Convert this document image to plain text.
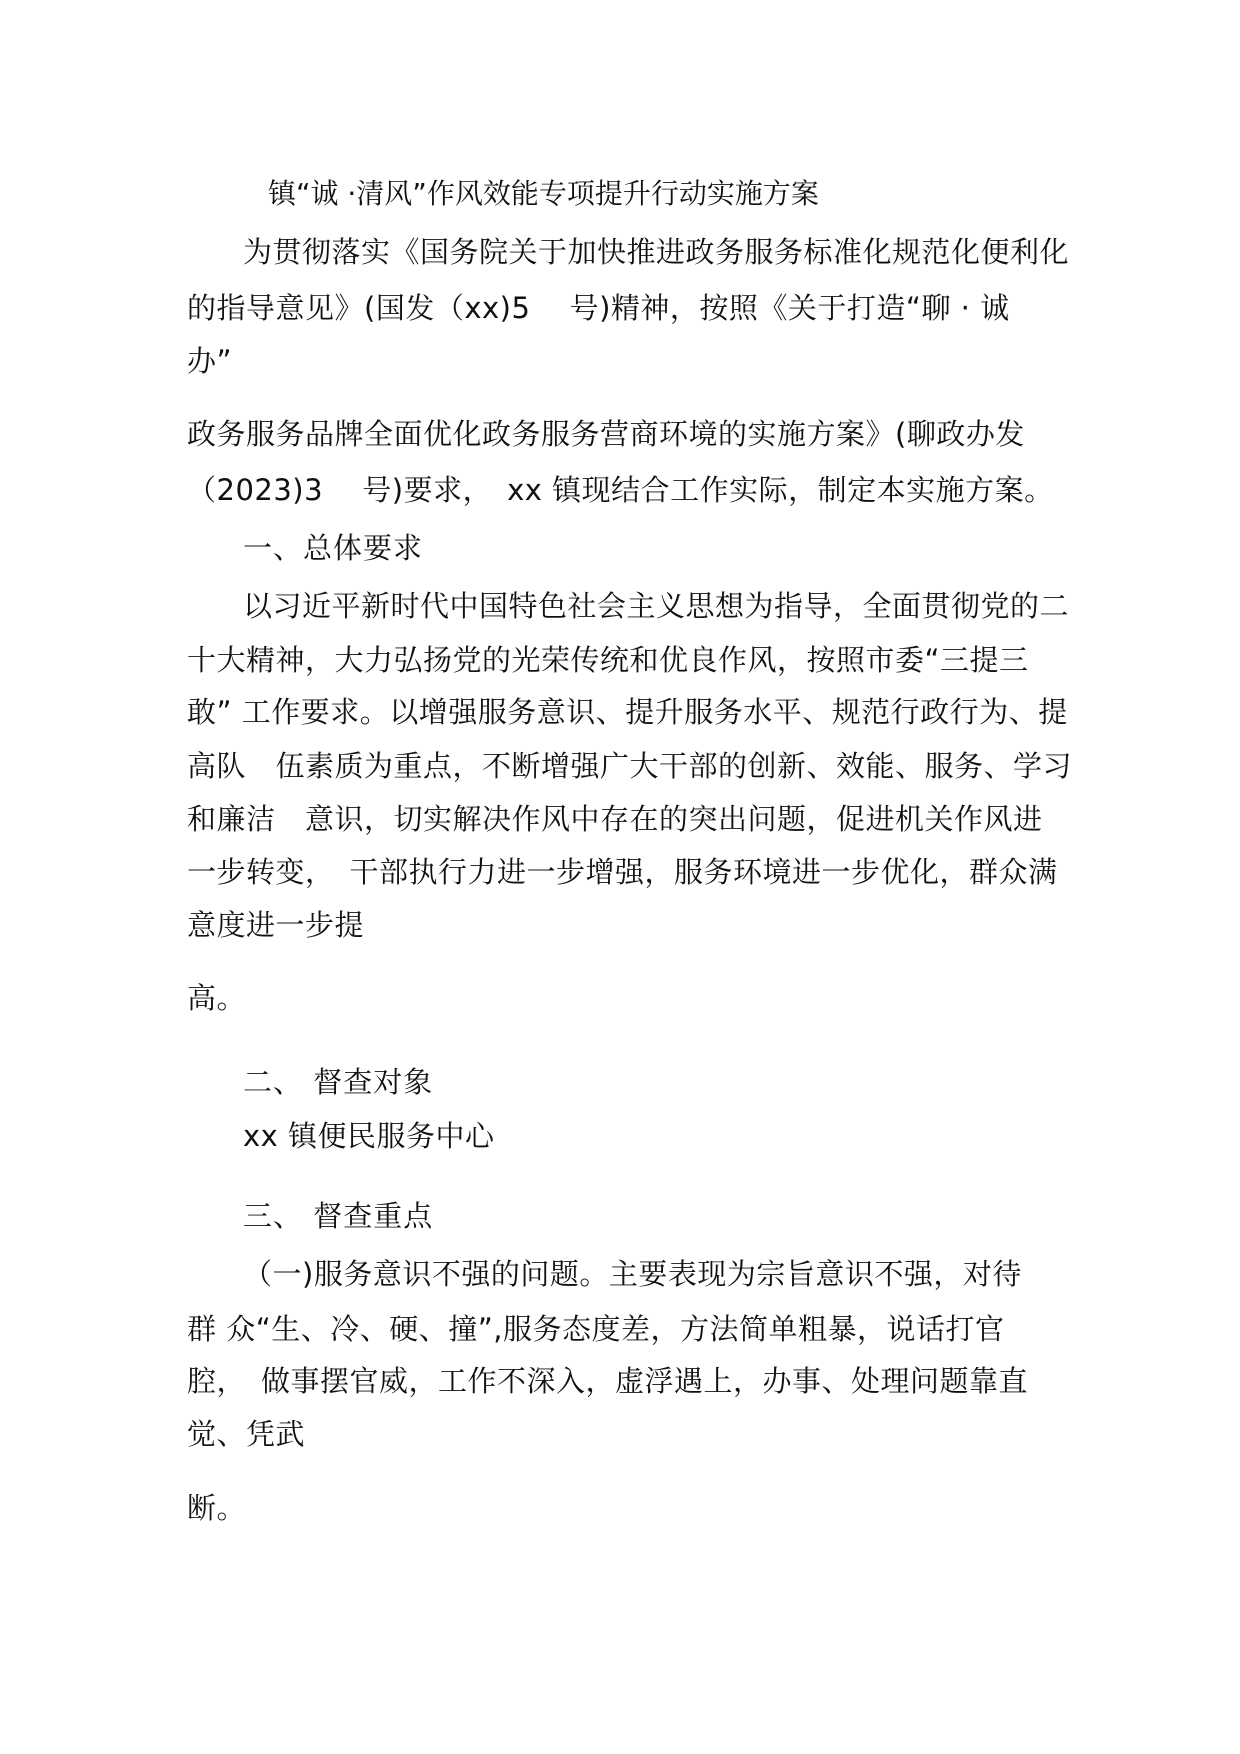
镇“诚 ·清风”作风效能专项提升行动实施方案
为贯彻落实《国务院关于加快推进政务服务标准化规范化便利化
的指导意见》(国发（xx)5　 号)精神，按照《关于打造“聊 · 诚
办”
政务服务品牌全面优化政务服务营商环境的实施方案》(聊政办发
（2023)3　 号)要求，　xx 镇现结合工作实际，制定本实施方案。
一、总体要求
以习近平新时代中国特色社会主义思想为指导，全面贯彻党的二
十大精神，大力弘扬党的光荣传统和优良作风，按照市委“三提三
敢” 工作要求。以增强服务意识、提升服务水平、规范行政行为、提
高队　伍素质为重点，不断增强广大干部的创新、效能、服务、学习
和廉洁　意识，切实解决作风中存在的突出问题，促进机关作风进
一步转变，　干部执行力进一步增强，服务环境进一步优化，群众满
意度进一步提
高。
二、 督查对象
xx 镇便民服务中心
三、 督查重点
（一)服务意识不强的问题。主要表现为宗旨意识不强，对待
群 众“生、冷、硬、撞”,服务态度差，方法简单粗暴，说话打官
腔，　做事摆官威，工作不深入，虚浮遇上，办事、处理问题靠直
觉、凭武
断。
